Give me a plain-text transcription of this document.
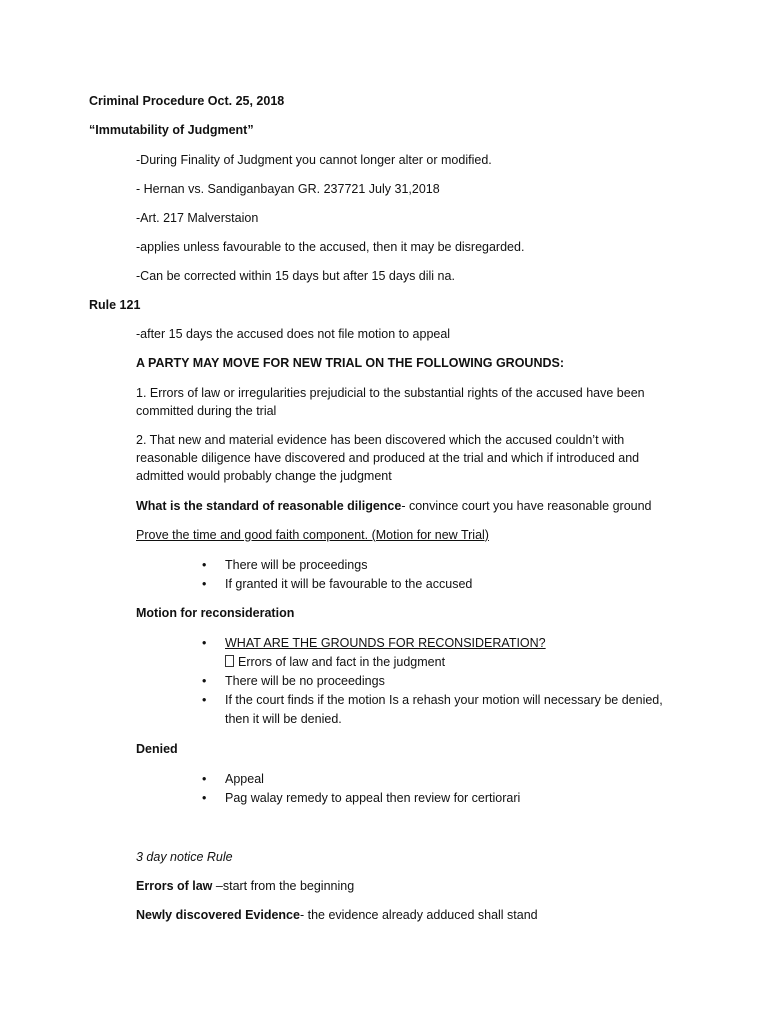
Criminal Procedure Oct. 25, 2018
“Immutability of Judgment”
-During Finality of Judgment you cannot longer alter or modified.
- Hernan vs. Sandiganbayan GR. 237721 July 31,2018
-Art. 217 Malverstaion
-applies unless favourable to the accused, then it may be disregarded.
-Can be corrected within 15 days but after 15 days dili na.
Rule 121
-after 15 days the accused does not file motion to appeal
A PARTY MAY MOVE FOR NEW TRIAL ON THE FOLLOWING GROUNDS:
1. Errors of law or irregularities prejudicial to the substantial rights of the accused have been committed during the trial
2. That new and material evidence has been discovered which the accused couldn’t with reasonable diligence have discovered and produced at the trial and which if introduced and admitted would probably change the judgment
What is the standard of reasonable diligence- convince court you have reasonable ground
Prove the time and good faith component. (Motion for new Trial)
• There will be proceedings
• If granted it will be favourable to the accused
Motion for reconsideration
• WHAT ARE THE GROUNDS FOR RECONSIDERATION?
Errors of law and fact in the judgment
• There will be no proceedings
• If the court finds if the motion Is a rehash your motion will necessary be denied, then it will be denied.
Denied
• Appeal
• Pag walay remedy to appeal then review for certiorari
3 day notice Rule
Errors of law –start from the beginning
Newly discovered Evidence- the evidence already adduced shall stand
